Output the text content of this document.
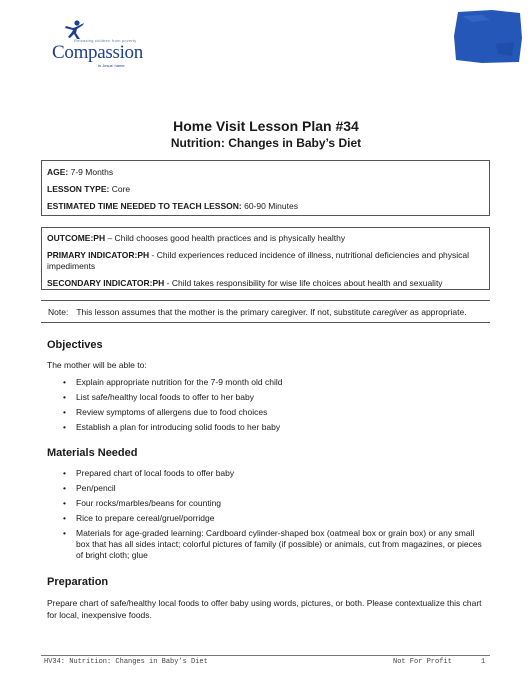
Releasing children from poverty
Compassion
in Jesus' name
Home Visit Lesson Plan #34
Nutrition: Changes in Baby’s Diet
AGE: 7-9 Months
LESSON TYPE: Core
ESTIMATED TIME NEEDED TO TEACH LESSON: 60-90 Minutes
OUTCOME:PH – Child chooses good health practices and is physically healthy
PRIMARY INDICATOR:PH - Child experiences reduced incidence of illness, nutritional deficiencies and physical impediments
SECONDARY INDICATOR:PH - Child takes responsibility for wise life choices about health and sexuality
Note: This lesson assumes that the mother is the primary caregiver. If not, substitute caregiver as appropriate.
Objectives
The mother will be able to:
• Explain appropriate nutrition for the 7-9 month old child
• List safe/healthy local foods to offer to her baby
• Review symptoms of allergens due to food choices
• Establish a plan for introducing solid foods to her baby
Materials Needed
• Prepared chart of local foods to offer baby
• Pen/pencil
• Four rocks/marbles/beans for counting
• Rice to prepare cereal/gruel/porridge
• Materials for age-graded learning: Cardboard cylinder-shaped box (oatmeal box or grain box) or any small box that has all sides intact; colorful pictures of family (if possible) or animals, cut from magazines, or pieces of bright cloth; glue
Preparation
Prepare chart of safe/healthy local foods to offer baby using words, pictures, or both. Please contextualize this chart for local, inexpensive foods.
HV34: Nutrition: Changes in Baby’s Diet	Not For Profit	1
